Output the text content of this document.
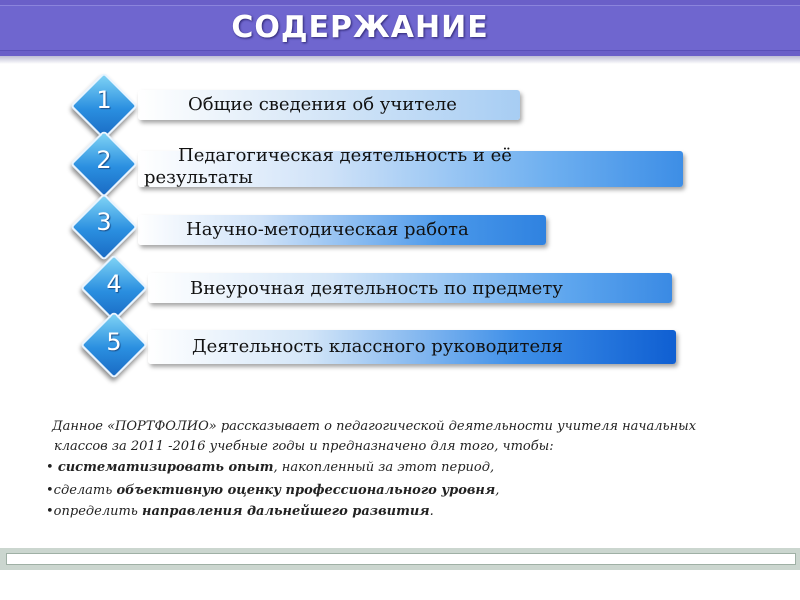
СОДЕРЖАНИЕ
Общие сведения об учителе
1
Педагогическая деятельность и её
результаты
2
Научно-методическая работа
3
Внеурочная деятельность по предмету
4
Деятельность классного руководителя
5
Данное «ПОРТФОЛИО» рассказывает о педагогической деятельности учителя начальных
классов за 2011 -2016 учебные годы и предназначено для того, чтобы:
• систематизировать опыт, накопленный за этот период,
•сделать объективную оценку профессионального уровня,
•определить направления дальнейшего развития.
